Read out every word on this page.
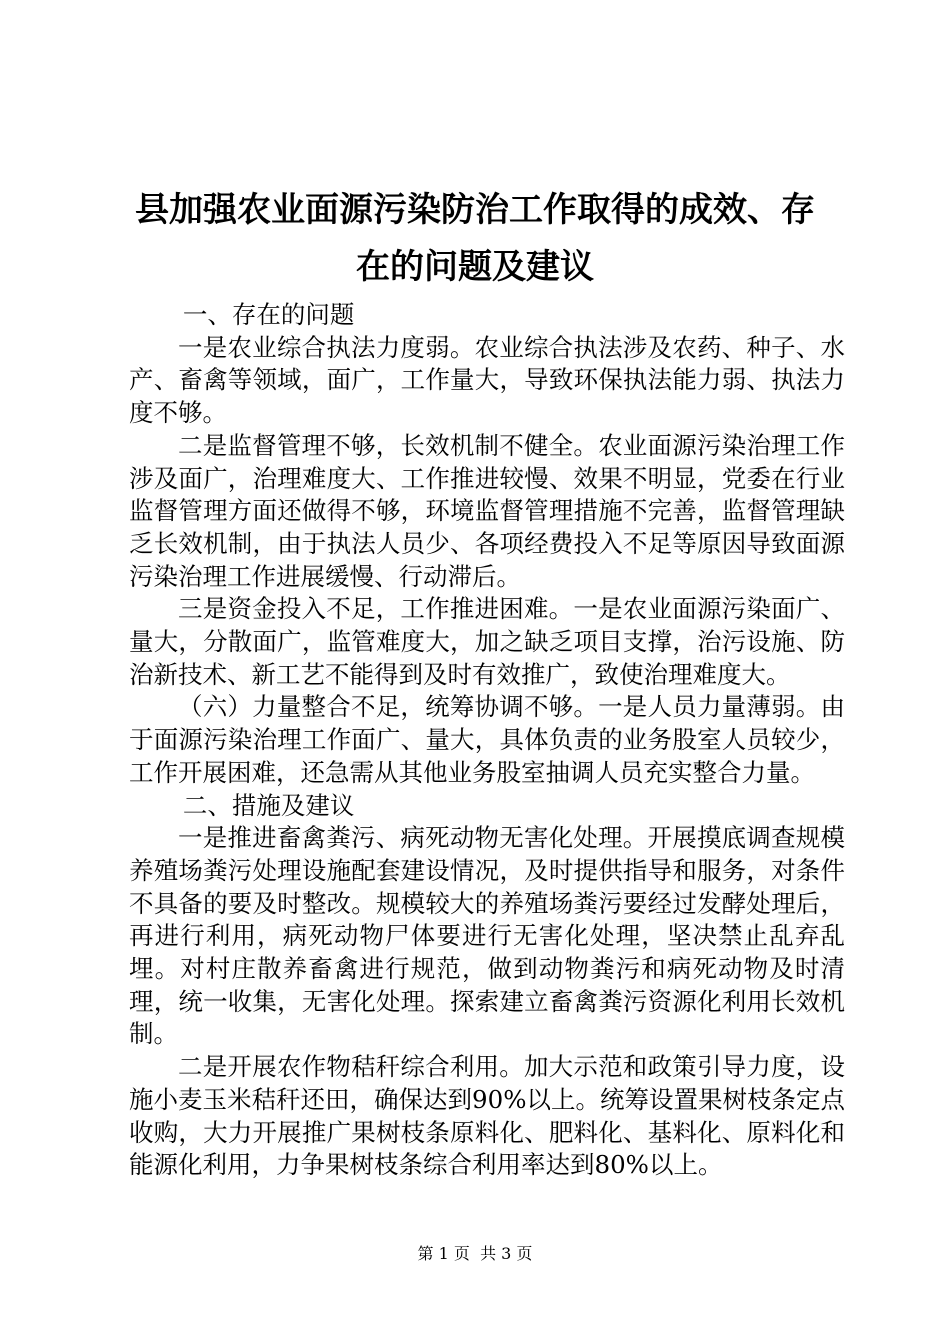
县加强农业面源污染防治工作取得的成效、存
在的问题及建议

一、存在的问题

一是农业综合执法力度弱。农业综合执法涉及农药、种子、水产、畜禽等领域，面广，工作量大，导致环保执法能力弱、执法力度不够。

二是监督管理不够，长效机制不健全。农业面源污染治理工作涉及面广，治理难度大、工作推进较慢、效果不明显，党委在行业监督管理方面还做得不够，环境监督管理措施不完善，监督管理缺乏长效机制，由于执法人员少、各项经费投入不足等原因导致面源污染治理工作进展缓慢、行动滞后。

三是资金投入不足，工作推进困难。一是农业面源污染面广、量大，分散面广，监管难度大，加之缺乏项目支撑，治污设施、防治新技术、新工艺不能得到及时有效推广，致使治理难度大。

（六）力量整合不足，统筹协调不够。一是人员力量薄弱。由于面源污染治理工作面广、量大，具体负责的业务股室人员较少，工作开展困难，还急需从其他业务股室抽调人员充实整合力量。

二、措施及建议

一是推进畜禽粪污、病死动物无害化处理。开展摸底调查规模养殖场粪污处理设施配套建设情况，及时提供指导和服务，对条件不具备的要及时整改。规模较大的养殖场粪污要经过发酵处理后，再进行利用，病死动物尸体要进行无害化处理，坚决禁止乱弃乱埋。对村庄散养畜禽进行规范，做到动物粪污和病死动物及时清理，统一收集，无害化处理。探索建立畜禽粪污资源化利用长效机制。

二是开展农作物秸秆综合利用。加大示范和政策引导力度，设施小麦玉米秸秆还田，确保达到90%以上。统筹设置果树枝条定点收购，大力开展推广果树枝条原料化、肥料化、基料化、原料化和能源化利用，力争果树枝条综合利用率达到80%以上。

第 1 页  共 3 页
